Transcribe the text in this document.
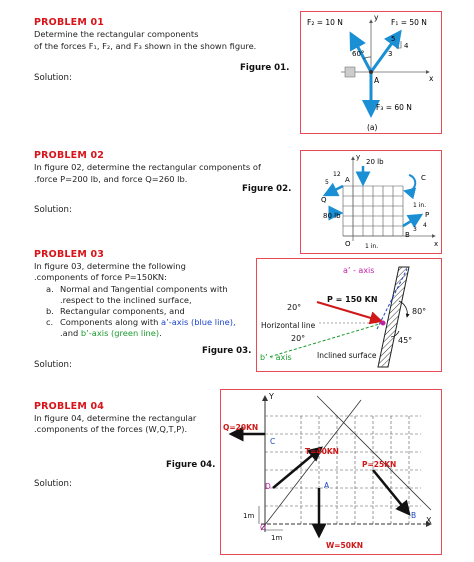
PROBLEM 01
Determine the rectangular components
of the forces F₁, F₂, and F₃ shown in the shown figure.
Figure 01.
Solution:
F₂ = 10 N	F₁ = 50 N
F₃ = 60 N
y
x
A
60°	3
4
5
(a)
PROBLEM 02
In figure 02, determine the rectangular components of
.force P=200 lb, and force Q=260 lb.
Figure 02.
Solution:
y
x
20 lb
80 lb
Q
P
A
B
C
O
12
5
3
4
1 in.
1 in.
PROBLEM 03
In figure 03, determine the following
.components of force P=150KN:
a. Normal and Tangential components with
.respect to the inclined surface,
b. Rectangular components, and
c. Components along with a’-axis (blue line),
.and b’-axis (green line).
Figure 03.
Solution:
a’ - axis
b’ - axis
P = 150 KN
20°
Horizontal line
20°
80°
45°
Inclined surface
PROBLEM 04
In figure 04, determine the rectangular
.components of the forces (W,Q,T,P).
Figure 04.
Solution:
Y
X
Q=20KN
T=40KN
P=25KN
W=50KN
C
D	A
B
O
1m
1m
